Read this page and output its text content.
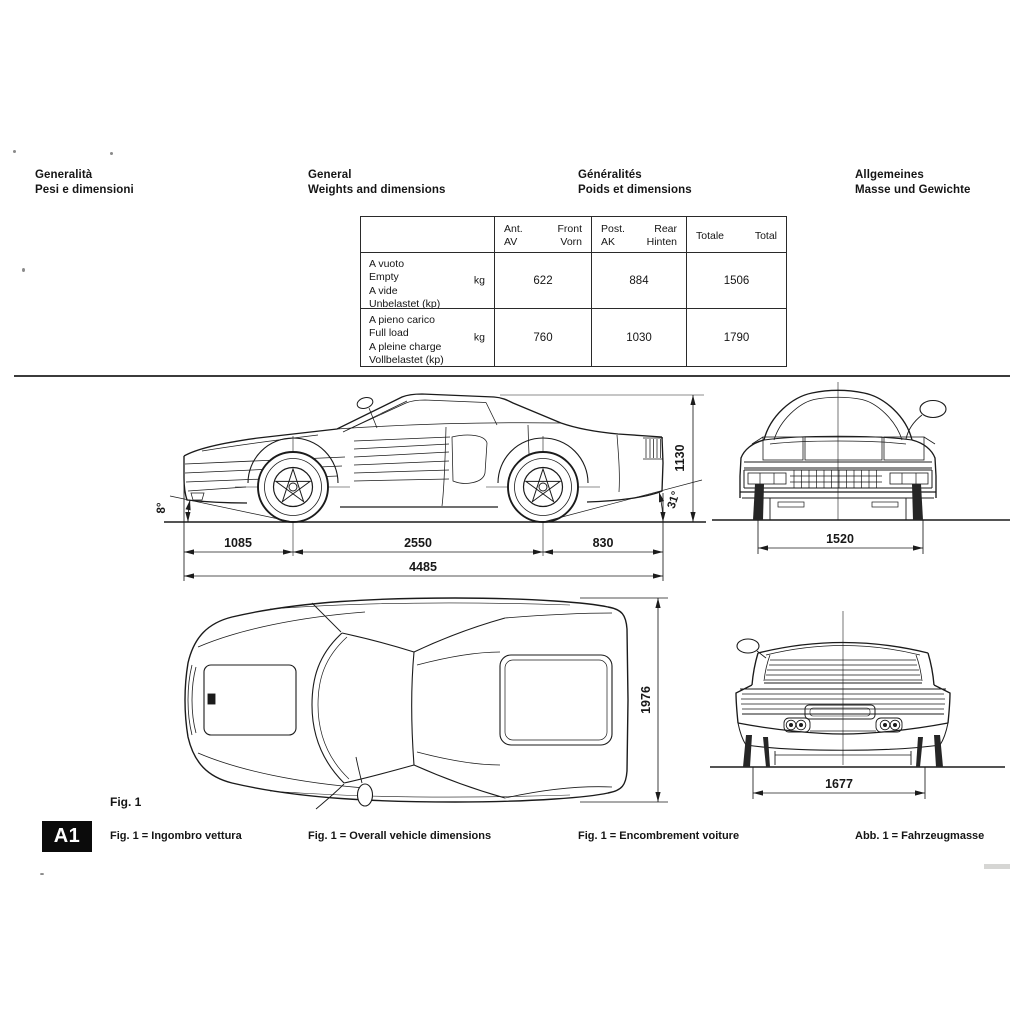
Generalità
Pesi e dimensioni
General
Weights and dimensions
Généralités
Poids et dimensions
Allgemeines
Masse und Gewichte
Ant.	Front
AV	Vorn
Post.	Rear
AK	Hinten
Totale	Total
A vuoto
Empty
A vide
Unbelastet (kp)
kg	622	884	1506
A pieno carico
Full load
A pleine charge
Vollbelastet (kp)
kg	760	1030	1790
1085	2550	830
4485
1130
8°	31°
1520
1976
1677
Fig. 1
A1	Fig. 1 = Ingombro vettura	Fig. 1 = Overall vehicle dimensions	Fig. 1 = Encombrement voiture	Abb. 1 = Fahrzeugmasse
